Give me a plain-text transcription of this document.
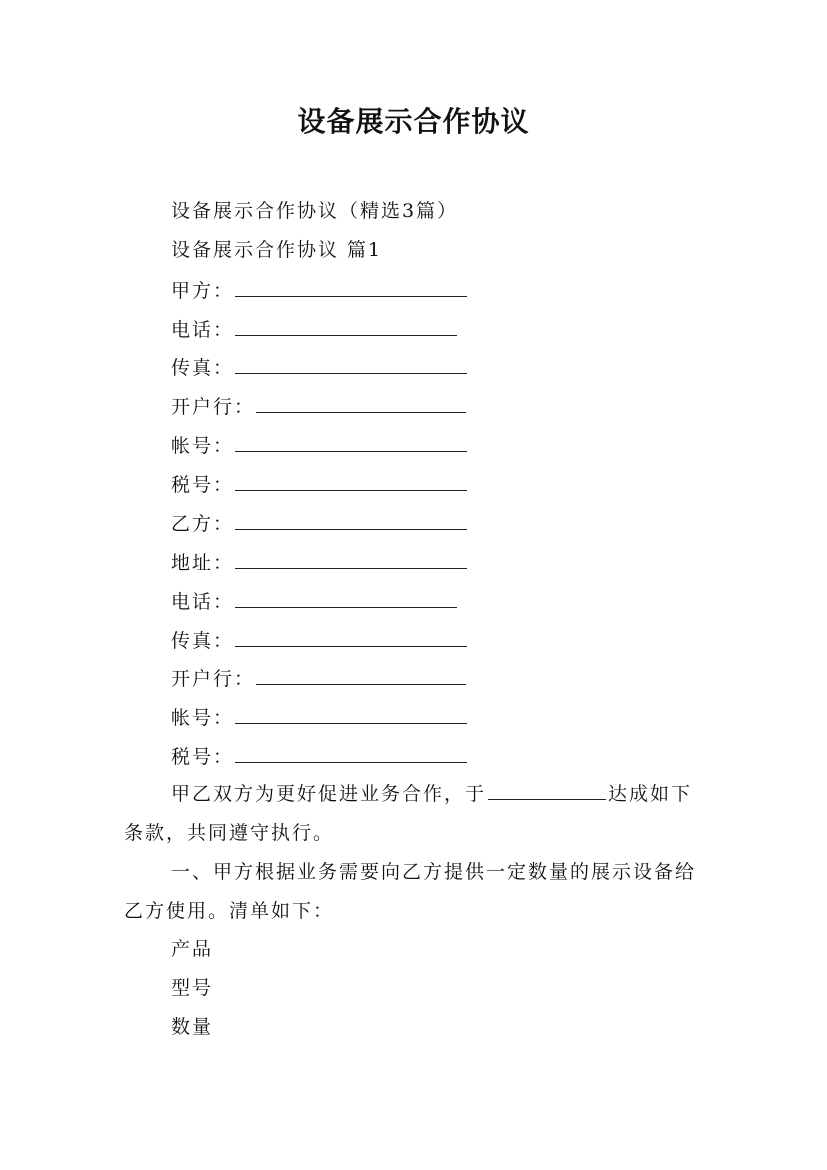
设备展示合作协议
设备展示合作协议（精选3篇）
设备展示合作协议 篇1
甲方：
电话：
传真：
开户行：
帐号：
税号：
乙方：
地址：
电话：
传真：
开户行：
帐号：
税号：
甲乙双方为更好促进业务合作，于	达成如下条款，共同遵守执行。
一、甲方根据业务需要向乙方提供一定数量的展示设备给乙方使用。清单如下：
产品
型号
数量
